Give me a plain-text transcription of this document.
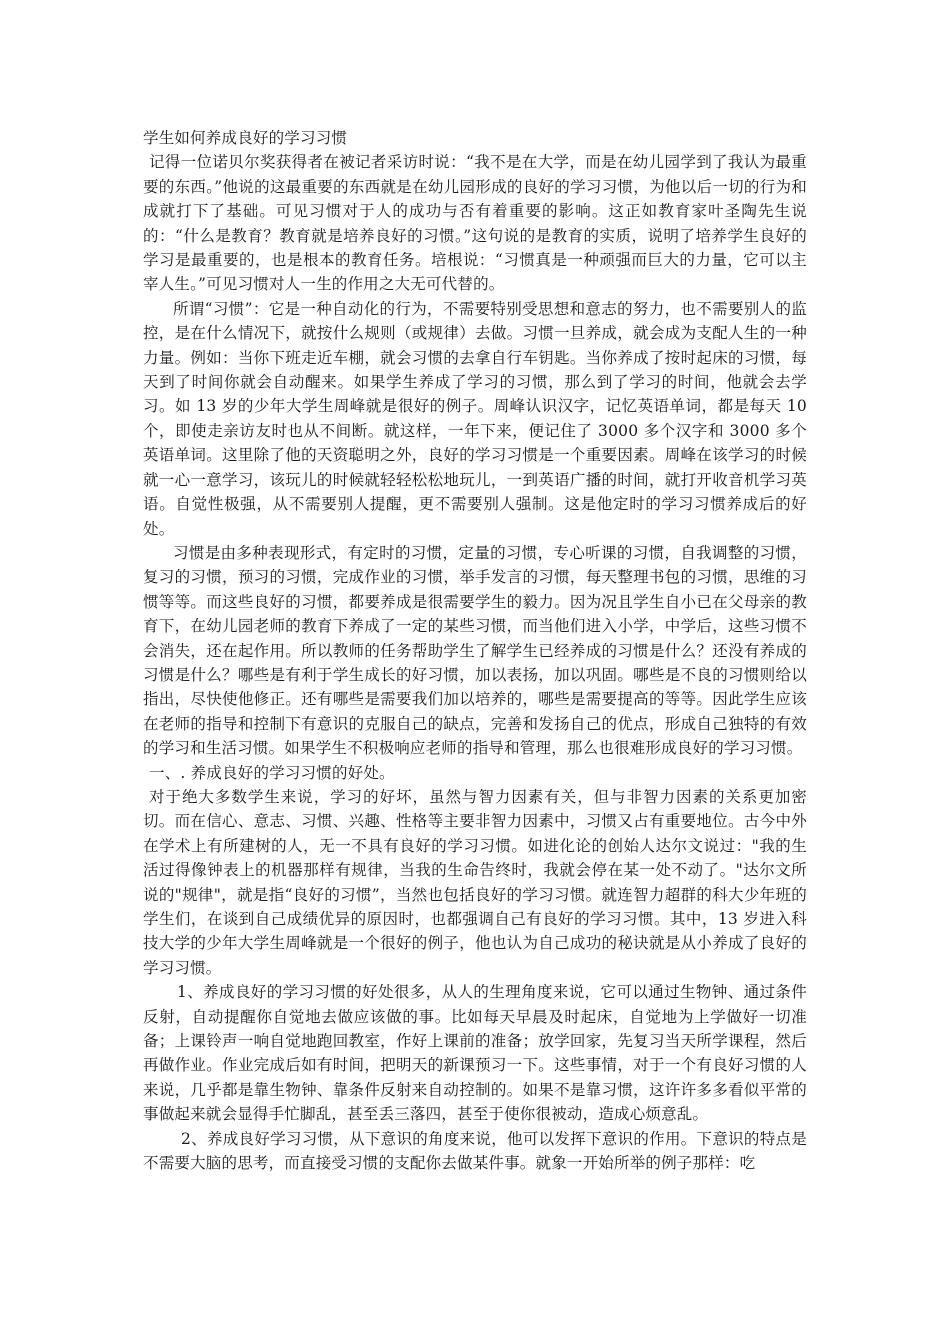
学生如何养成良好的学习习惯

记得一位诺贝尔奖获得者在被记者采访时说：“我不是在大学，而是在幼儿园学到了我认为最重要的东西。”他说的这最重要的东西就是在幼儿园形成的良好的学习习惯，为他以后一切的行为和成就打下了基础。可见习惯对于人的成功与否有着重要的影响。这正如教育家叶圣陶先生说的：“什么是教育？教育就是培养良好的习惯。”这句说的是教育的实质，说明了培养学生良好的学习是最重要的，也是根本的教育任务。培根说：“习惯真是一种顽强而巨大的力量，它可以主宰人生。”可见习惯对人一生的作用之大无可代替的。

所谓“习惯”：它是一种自动化的行为，不需要特别受思想和意志的努力，也不需要别人的监控，是在什么情况下，就按什么规则（或规律）去做。习惯一旦养成，就会成为支配人生的一种力量。例如：当你下班走近车棚，就会习惯的去拿自行车钥匙。当你养成了按时起床的习惯，每天到了时间你就会自动醒来。如果学生养成了学习的习惯，那么到了学习的时间，他就会去学习。如 13 岁的少年大学生周峰就是很好的例子。周峰认识汉字，记忆英语单词，都是每天 10 个，即使走亲访友时也从不间断。就这样，一年下来，便记住了 3000 多个汉字和 3000 多个英语单词。这里除了他的天资聪明之外，良好的学习习惯是一个重要因素。周峰在该学习的时候就一心一意学习，该玩儿的时候就轻轻松松地玩儿，一到英语广播的时间，就打开收音机学习英语。自觉性极强，从不需要别人提醒，更不需要别人强制。这是他定时的学习习惯养成后的好处。

习惯是由多种表现形式，有定时的习惯，定量的习惯，专心听课的习惯，自我调整的习惯，复习的习惯，预习的习惯，完成作业的习惯，举手发言的习惯，每天整理书包的习惯，思维的习惯等等。而这些良好的习惯，都要养成是很需要学生的毅力。因为况且学生自小已在父母亲的教育下，在幼儿园老师的教育下养成了一定的某些习惯，而当他们进入小学，中学后，这些习惯不会消失，还在起作用。所以教师的任务帮助学生了解学生已经养成的习惯是什么？还没有养成的习惯是什么？哪些是有利于学生成长的好习惯，加以表扬，加以巩固。哪些是不良的习惯则给以指出，尽快使他修正。还有哪些是需要我们加以培养的，哪些是需要提高的等等。因此学生应该在老师的指导和控制下有意识的克服自己的缺点，完善和发扬自己的优点，形成自己独特的有效的学习和生活习惯。如果学生不积极响应老师的指导和管理，那么也很难形成良好的学习习惯。

一、. 养成良好的学习习惯的好处。

对于绝大多数学生来说，学习的好坏，虽然与智力因素有关，但与非智力因素的关系更加密切。而在信心、意志、习惯、兴趣、性格等主要非智力因素中，习惯又占有重要地位。古今中外在学术上有所建树的人，无一不具有良好的学习习惯。如进化论的创始人达尔文说过："我的生活过得像钟表上的机器那样有规律，当我的生命告终时，我就会停在某一处不动了。"达尔文所说的"规律"，就是指“良好的习惯”，当然也包括良好的学习习惯。就连智力超群的科大少年班的学生们，在谈到自己成绩优异的原因时，也都强调自己有良好的学习习惯。其中，13 岁进入科技大学的少年大学生周峰就是一个很好的例子，他也认为自己成功的秘诀就是从小养成了良好的学习习惯。

1、养成良好的学习习惯的好处很多，从人的生理角度来说，它可以通过生物钟、通过条件反射，自动提醒你自觉地去做应该做的事。比如每天早晨及时起床，自觉地为上学做好一切准备；上课铃声一响自觉地跑回教室，作好上课前的准备；放学回家，先复习当天所学课程，然后再做作业。作业完成后如有时间，把明天的新课预习一下。这些事情，对于一个有良好习惯的人来说，几乎都是靠生物钟、靠条件反射来自动控制的。如果不是靠习惯，这许许多多看似平常的事做起来就会显得手忙脚乱，甚至丢三落四，甚至于使你很被动，造成心烦意乱。

2、养成良好学习习惯，从下意识的角度来说，他可以发挥下意识的作用。下意识的特点是不需要大脑的思考，而直接受习惯的支配你去做某件事。就象一开始所举的例子那样：吃
